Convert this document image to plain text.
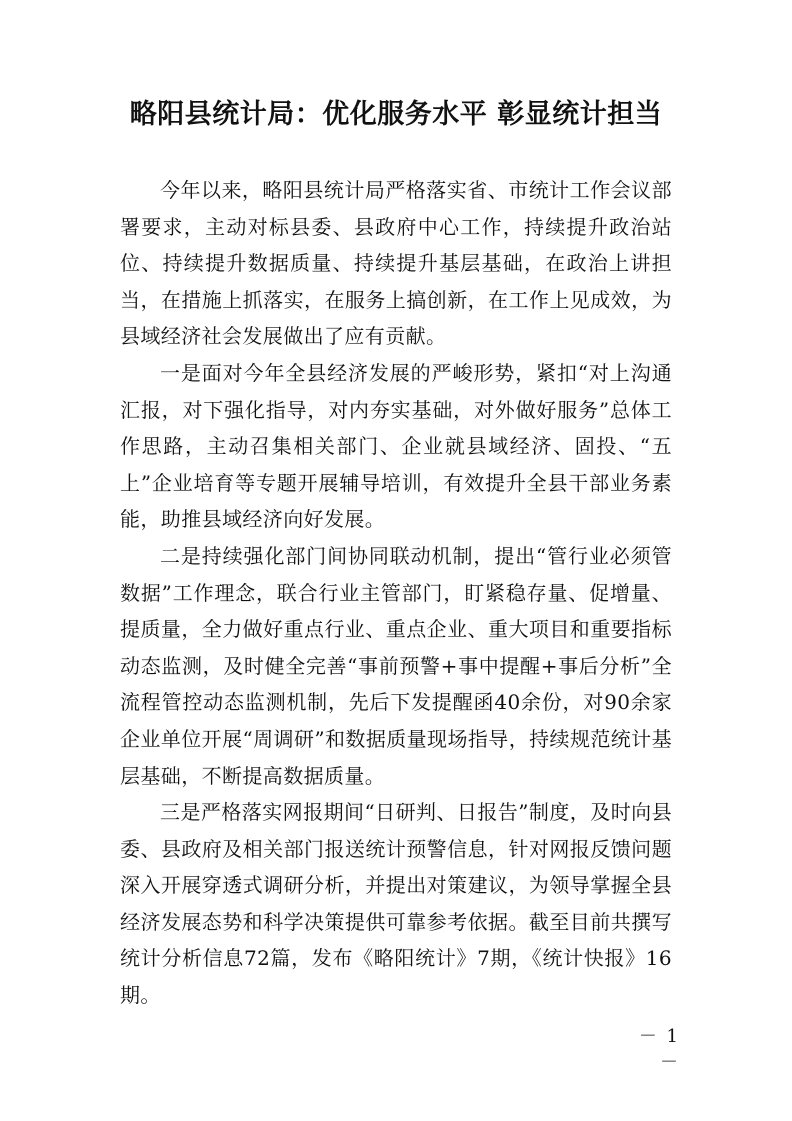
略阳县统计局：优化服务水平 彰显统计担当

今年以来，略阳县统计局严格落实省、市统计工作会议部署要求，主动对标县委、县政府中心工作，持续提升政治站位、持续提升数据质量、持续提升基层基础，在政治上讲担当，在措施上抓落实，在服务上搞创新，在工作上见成效，为县域经济社会发展做出了应有贡献。

一是面对今年全县经济发展的严峻形势，紧扣“对上沟通汇报，对下强化指导，对内夯实基础，对外做好服务”总体工作思路，主动召集相关部门、企业就县域经济、固投、“五上”企业培育等专题开展辅导培训，有效提升全县干部业务素能，助推县域经济向好发展。

二是持续强化部门间协同联动机制，提出“管行业必须管数据”工作理念，联合行业主管部门，盯紧稳存量、促增量、提质量，全力做好重点行业、重点企业、重大项目和重要指标动态监测，及时健全完善“事前预警+事中提醒+事后分析”全流程管控动态监测机制，先后下发提醒函40余份，对90余家企业单位开展“周调研”和数据质量现场指导，持续规范统计基层基础，不断提高数据质量。

三是严格落实网报期间“日研判、日报告”制度，及时向县委、县政府及相关部门报送统计预警信息，针对网报反馈问题深入开展穿透式调研分析，并提出对策建议，为领导掌握全县经济发展态势和科学决策提供可靠参考依据。截至目前共撰写统计分析信息72篇，发布《略阳统计》7期，《统计快报》16期。

－ 1 －
